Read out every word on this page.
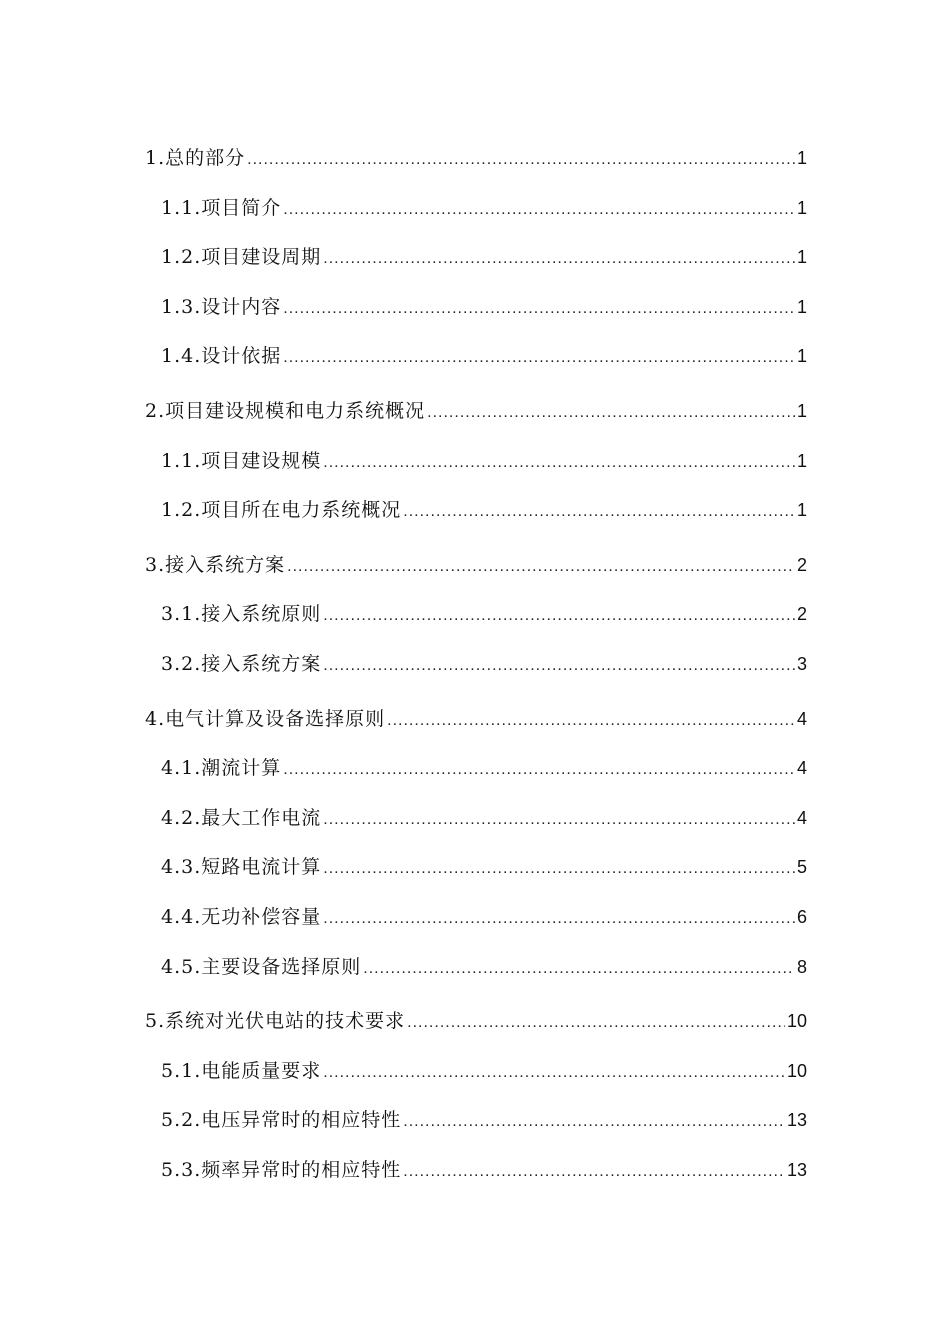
1.总的部分 .....	1
1.1.项目简介 .....	1
1.2.项目建设周期 .....	1
1.3.设计内容 .....	1
1.4.设计依据 .....	1
2.项目建设规模和电力系统概况 .....	1
1.1.项目建设规模 .....	1
1.2.项目所在电力系统概况 .....	1
3.接入系统方案 .....	2
3.1.接入系统原则 .....	2
3.2.接入系统方案 .....	3
4.电气计算及设备选择原则 .....	4
4.1.潮流计算 .....	4
4.2.最大工作电流 .....	4
4.3.短路电流计算 .....	5
4.4.无功补偿容量 .....	6
4.5.主要设备选择原则 .....	8
5.系统对光伏电站的技术要求 .....	10
5.1.电能质量要求 .....	10
5.2.电压异常时的相应特性 .....	13
5.3.频率异常时的相应特性 .....	13
